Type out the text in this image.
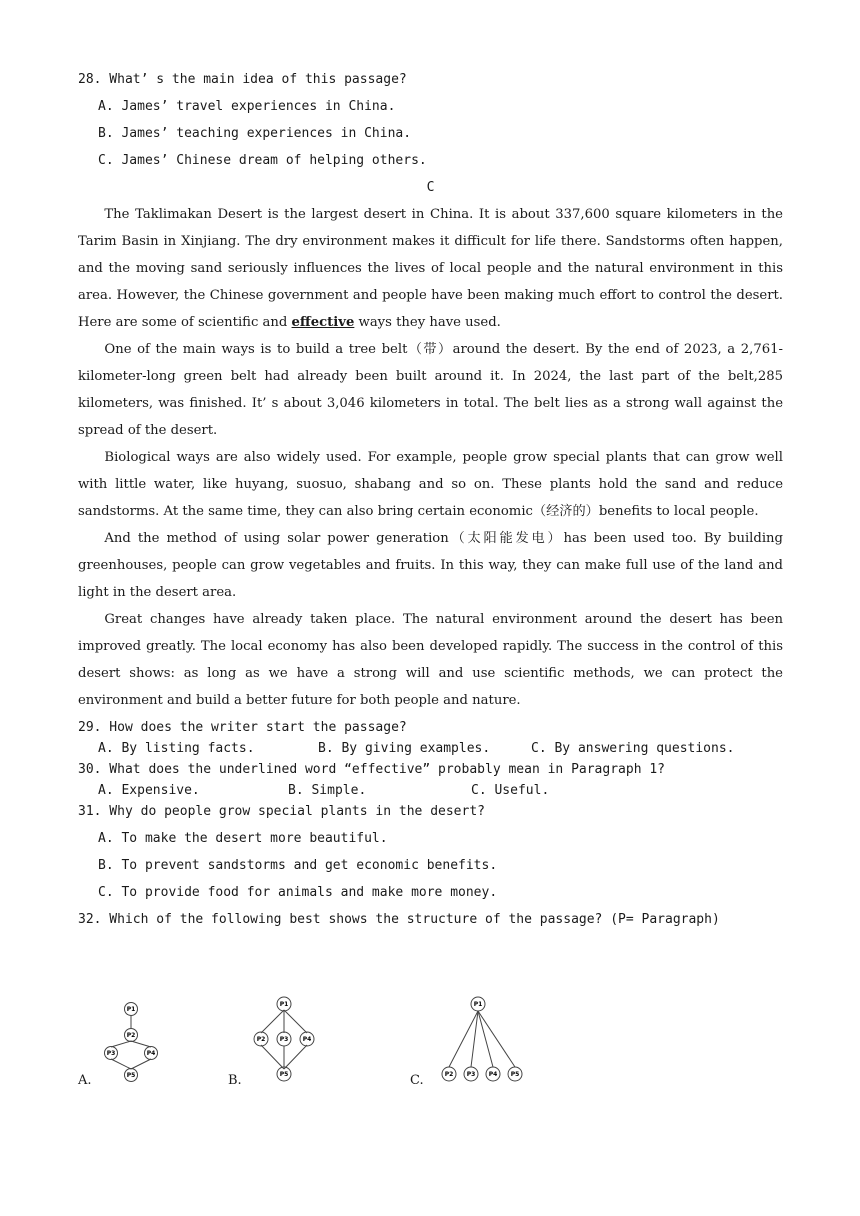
28. What’ s the main idea of this passage?
A. James’ travel experiences in China.
B. James’ teaching experiences in China.
C. James’ Chinese dream of helping others.
C

The Taklimakan Desert is the largest desert in China. It is about 337,600 square kilometers in the Tarim Basin in Xinjiang. The dry environment makes it difficult for life there. Sandstorms often happen, and the moving sand seriously influences the lives of local people and the natural environment in this area. However, the Chinese government and people have been making much effort to control the desert. Here are some of scientific and effective ways they have used.

One of the main ways is to build a tree belt（带）around the desert. By the end of 2023, a 2,761-kilometer-long green belt had already been built around it. In 2024, the last part of the belt,285 kilometers, was finished. It’ s about 3,046 kilometers in total. The belt lies as a strong wall against the spread of the desert.

Biological ways are also widely used. For example, people grow special plants that can grow well with little water, like huyang, suosuo, shabang and so on. These plants hold the sand and reduce sandstorms. At the same time, they can also bring certain economic（经济的）benefits to local people.

And the method of using solar power generation（太阳能发电）has been used too. By building greenhouses, people can grow vegetables and fruits. In this way, they can make full use of the land and light in the desert area.

Great changes have already taken place. The natural environment around the desert has been improved greatly. The local economy has also been developed rapidly. The success in the control of this desert shows: as long as we have a strong will and use scientific methods, we can protect the environment and build a better future for both people and nature.

29. How does the writer start the passage?
A. By listing facts.	B. By giving examples.	C. By answering questions.
30. What does the underlined word “effective” probably mean in Paragraph 1?
A. Expensive.	B. Simple.	C. Useful.
31. Why do people grow special plants in the desert?
A. To make the desert more beautiful.
B. To prevent sandstorms and get economic benefits.
C. To provide food for animals and make more money.
32. Which of the following best shows the structure of the passage? (P= Paragraph)
A.
P1
P2
P3	P4
P5	B.
P1
P2 P3 P4
P5	C.
P1
P2 P3 P4 P5
